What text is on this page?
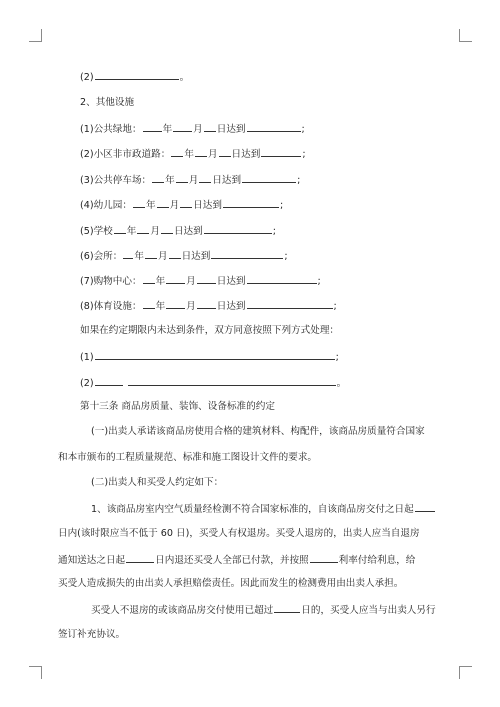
(2)	。
2、其他设施
(1)公共绿地： 年 月 日达到	;
(2)小区非市政道路： 年 月 日达到	;
(3)公共停车场： 年 月 日达到	;
(4)幼儿园： 年 月 日达到	;
(5)学校 年 月 日达到	;
(6)会所： 年 月 日达到	;
(7)购物中心： 年 月 日达到	;
(8)体育设施： 年 月 日达到	;
如果在约定期限内未达到条件，双方同意按照下列方式处理：
(1)	;
(2)	。
第十三条 商品房质量、装饰、设备标准的约定
(一)出卖人承诺该商品房使用合格的建筑材料、构配件，该商品房质量符合国家
和本市颁布的工程质量规范、标准和施工图设计文件的要求。
(二)出卖人和买受人约定如下：
1、该商品房室内空气质量经检测不符合国家标准的，自该商品房交付之日起
日内(该时限应当不低于 60 日)，买受人有权退房。买受人退房的，出卖人应当自退房
通知送达之日起	日内退还买受人全部已付款，并按照	利率付给利息，给
买受人造成损失的由出卖人承担赔偿责任。因此而发生的检测费用由出卖人承担。
买受人不退房的或该商品房交付使用已超过	日的，买受人应当与出卖人另行
签订补充协议。
